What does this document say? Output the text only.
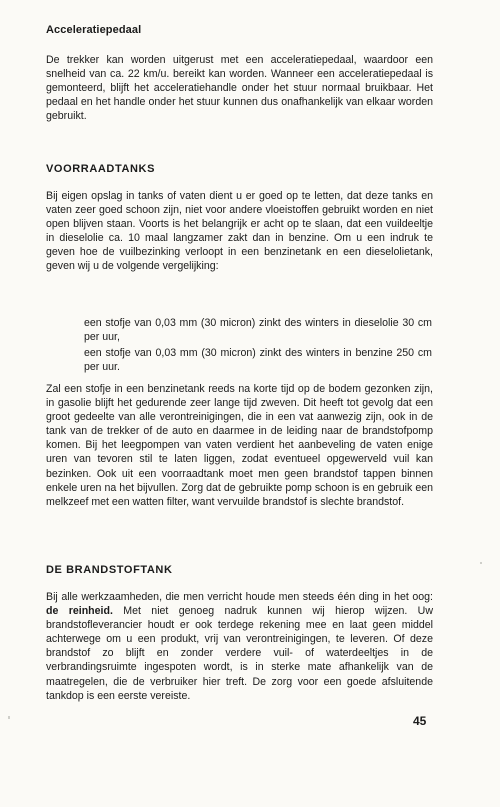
Acceleratiepedaal

De trekker kan worden uitgerust met een acceleratiepedaal, waardoor een snelheid van ca. 22 km/u. bereikt kan worden. Wanneer een acceleratiepedaal is gemonteerd, blijft het acceleratiehandle onder het stuur normaal bruikbaar. Het pedaal en het handle onder het stuur kunnen dus onafhankelijk van elkaar worden gebruikt.

VOORRAADTANKS

Bij eigen opslag in tanks of vaten dient u er goed op te letten, dat deze tanks en vaten zeer goed schoon zijn, niet voor andere vloeistoffen gebruikt worden en niet open blijven staan. Voorts is het belangrijk er acht op te slaan, dat een vuildeeltje in dieselolie ca. 10 maal langzamer zakt dan in benzine. Om u een indruk te geven hoe de vuilbezinking verloopt in een benzinetank en een dieselolietank, geven wij u de volgende vergelijking:

een stofje van 0,03 mm (30 micron) zinkt des winters in dieselolie 30 cm per uur,

een stofje van 0,03 mm (30 micron) zinkt des winters in benzine 250 cm per uur.

Zal een stofje in een benzinetank reeds na korte tijd op de bodem gezonken zijn, in gasolie blijft het gedurende zeer lange tijd zweven. Dit heeft tot gevolg dat een groot gedeelte van alle verontreinigingen, die in een vat aanwezig zijn, ook in de tank van de trekker of de auto en daarmee in de leiding naar de brandstofpomp komen. Bij het leegpompen van vaten verdient het aanbeveling de vaten enige uren van tevoren stil te laten liggen, zodat eventueel opgewerveld vuil kan bezinken. Ook uit een voorraadtank moet men geen brandstof tappen binnen enkele uren na het bijvullen. Zorg dat de gebruikte pomp schoon is en gebruik een melkzeef met een watten filter, want vervuilde brandstof is slechte brandstof.

DE BRANDSTOFTANK

Bij alle werkzaamheden, die men verricht houde men steeds één ding in het oog: de reinheid. Met niet genoeg nadruk kunnen wij hierop wijzen. Uw brandstofleverancier houdt er ook terdege rekening mee en laat geen middel achterwege om u een produkt, vrij van verontreinigingen, te leveren. Of deze brandstof zo blijft en zonder verdere vuil- of waterdeeltjes in de verbrandingsruimte ingespoten wordt, is in sterke mate afhankelijk van de maatregelen, die de verbruiker hier treft. De zorg voor een goede afsluitende tankdop is een eerste vereiste.

45
